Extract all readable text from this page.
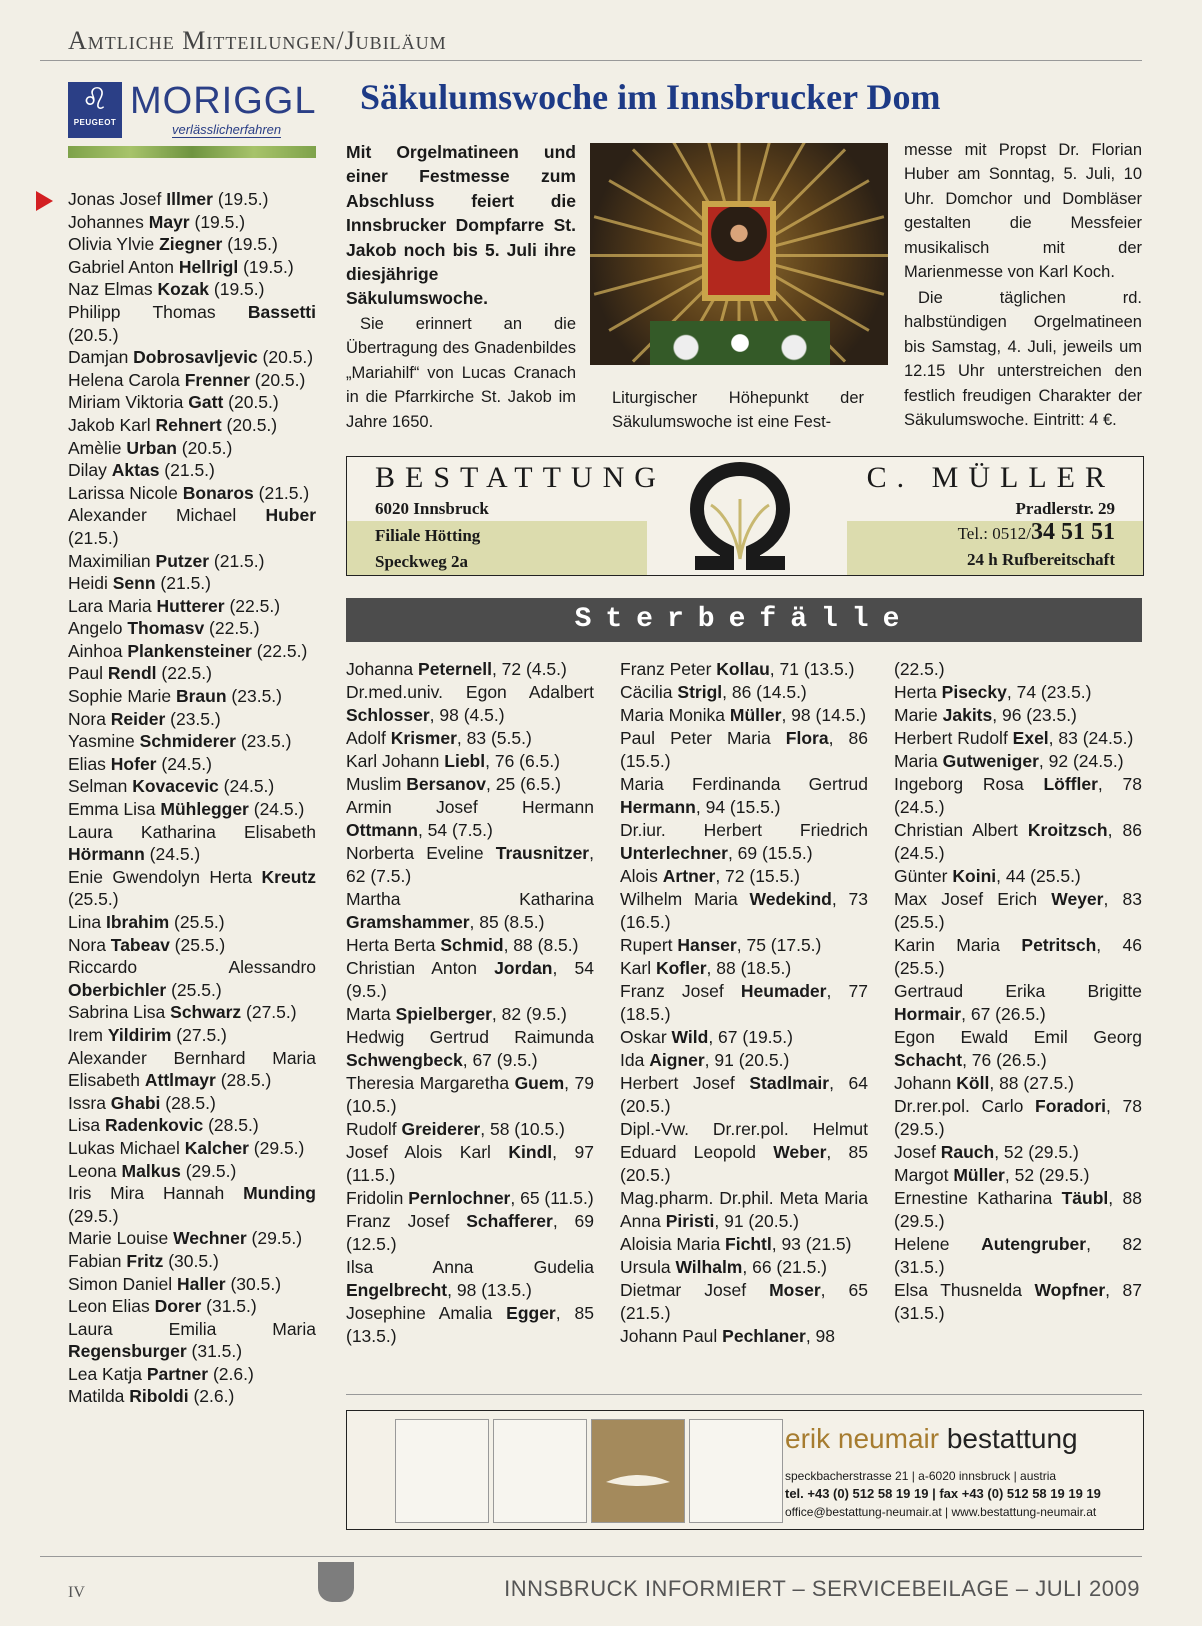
Amtliche Mitteilungen/Jubiläum
♌
PEUGEOT
MORIGGL
verlässlicherfahren
Jonas Josef Illmer (19.5.)
Johannes Mayr (19.5.)
Olivia Ylvie Ziegner (19.5.)
Gabriel Anton Hellrigl (19.5.)
Naz Elmas Kozak (19.5.)
Philipp Thomas Bassetti (20.5.)
Damjan Dobrosavljevic (20.5.)
Helena Carola Frenner (20.5.)
Miriam Viktoria Gatt (20.5.)
Jakob Karl Rehnert (20.5.)
Amèlie Urban (20.5.)
Dilay Aktas (21.5.)
Larissa Nicole Bonaros (21.5.)
Alexander Michael Huber (21.5.)
Maximilian Putzer (21.5.)
Heidi Senn (21.5.)
Lara Maria Hutterer (22.5.)
Angelo Thomasv (22.5.)
Ainhoa Plankensteiner (22.5.)
Paul Rendl (22.5.)
Sophie Marie Braun (23.5.)
Nora Reider (23.5.)
Yasmine Schmiderer (23.5.)
Elias Hofer (24.5.)
Selman Kovacevic (24.5.)
Emma Lisa Mühlegger (24.5.)
Laura Katharina Elisabeth Hörmann (24.5.)
Enie Gwendolyn Herta Kreutz (25.5.)
Lina Ibrahim (25.5.)
Nora Tabeav (25.5.)
Riccardo Alessandro Oberbichler (25.5.)
Sabrina Lisa Schwarz (27.5.)
Irem Yildirim (27.5.)
Alexander Bernhard Maria Elisabeth Attlmayr (28.5.)
Issra Ghabi (28.5.)
Lisa Radenkovic (28.5.)
Lukas Michael Kalcher (29.5.)
Leona Malkus (29.5.)
Iris Mira Hannah Munding (29.5.)
Marie Louise Wechner (29.5.)
Fabian Fritz (30.5.)
Simon Daniel Haller (30.5.)
Leon Elias Dorer (31.5.)
Laura Emilia Maria Regensburger (31.5.)
Lea Katja Partner (2.6.)
Matilda Riboldi (2.6.)
Säkulumswoche im Innsbrucker Dom
Mit Orgelmatineen und einer Festmesse zum Abschluss feiert die Innsbrucker Dompfarre St. Jakob noch bis 5. Juli ihre diesjährige Säkulumswoche.
Sie erinnert an die Übertragung des Gnadenbildes „Mariahilf“ von Lucas Cranach in die Pfarrkirche St. Jakob im Jahre 1650.
Liturgischer Höhepunkt der Säkulumswoche ist eine Fest-
messe mit Propst Dr. Florian Huber am Sonntag, 5. Juli, 10 Uhr. Domchor und Dombläser gestalten die Messfeier musikalisch mit der Marienmesse von Karl Koch.
Die täglichen rd. halbstündigen Orgelmatineen bis Samstag, 4. Juli, jeweils um 12.15 Uhr unterstreichen den festlich freudigen Charakter der Säkulumswoche. Eintritt: 4 €.
BESTATTUNG	C. MÜLLER
6020 Innsbruck	Pradlerstr. 29
Filiale Hötting
Speckweg 2a
Tel.: 0512/34 51 51
24 h Rufbereitschaft
Sterbefälle
Johanna Peternell, 72 (4.5.)
Dr.med.univ. Egon Adalbert Schlosser, 98 (4.5.)
Adolf Krismer, 83 (5.5.)
Karl Johann Liebl, 76 (6.5.)
Muslim Bersanov, 25 (6.5.)
Armin Josef Hermann Ottmann, 54 (7.5.)
Norberta Eveline Trausnitzer, 62 (7.5.)
Martha Katharina Gramshammer, 85 (8.5.)
Herta Berta Schmid, 88 (8.5.)
Christian Anton Jordan, 54 (9.5.)
Marta Spielberger, 82 (9.5.)
Hedwig Gertrud Raimunda Schwengbeck, 67 (9.5.)
Theresia Margaretha Guem, 79 (10.5.)
Rudolf Greiderer, 58 (10.5.)
Josef Alois Karl Kindl, 97 (11.5.)
Fridolin Pernlochner, 65 (11.5.)
Franz Josef Schafferer, 69 (12.5.)
Ilsa Anna Gudelia Engelbrecht, 98 (13.5.)
Josephine Amalia Egger, 85 (13.5.)
Franz Peter Kollau, 71 (13.5.)
Cäcilia Strigl, 86 (14.5.)
Maria Monika Müller, 98 (14.5.)
Paul Peter Maria Flora, 86 (15.5.)
Maria Ferdinanda Gertrud Hermann, 94 (15.5.)
Dr.iur. Herbert Friedrich Unterlechner, 69 (15.5.)
Alois Artner, 72 (15.5.)
Wilhelm Maria Wedekind, 73 (16.5.)
Rupert Hanser, 75 (17.5.)
Karl Kofler, 88 (18.5.)
Franz Josef Heumader, 77 (18.5.)
Oskar Wild, 67 (19.5.)
Ida Aigner, 91 (20.5.)
Herbert Josef Stadlmair, 64 (20.5.)
Dipl.-Vw. Dr.rer.pol. Helmut Eduard Leopold Weber, 85 (20.5.)
Mag.pharm. Dr.phil. Meta Maria Anna Piristi, 91 (20.5.)
Aloisia Maria Fichtl, 93 (21.5)
Ursula Wilhalm, 66 (21.5.)
Dietmar Josef Moser, 65 (21.5.)
Johann Paul Pechlaner, 98
(22.5.)
Herta Pisecky, 74 (23.5.)
Marie Jakits, 96 (23.5.)
Herbert Rudolf Exel, 83 (24.5.)
Maria Gutweniger, 92 (24.5.)
Ingeborg Rosa Löffler, 78 (24.5.)
Christian Albert Kroitzsch, 86 (24.5.)
Günter Koini, 44 (25.5.)
Max Josef Erich Weyer, 83 (25.5.)
Karin Maria Petritsch, 46 (25.5.)
Gertraud Erika Brigitte Hormair, 67 (26.5.)
Egon Ewald Emil Georg Schacht, 76 (26.5.)
Johann Köll, 88 (27.5.)
Dr.rer.pol. Carlo Foradori, 78 (29.5.)
Josef Rauch, 52 (29.5.)
Margot Müller, 52 (29.5.)
Ernestine Katharina Täubl, 88 (29.5.)
Helene Autengruber, 82 (31.5.)
Elsa Thusnelda Wopfner, 87 (31.5.)
erik neumair bestattung
speckbacherstrasse 21 | a-6020 innsbruck | austria
tel. +43 (0) 512 58 19 19 | fax +43 (0) 512 58 19 19 19
office@bestattung-neumair.at | www.bestattung-neumair.at
IV	INNSBRUCK INFORMIERT – SERVICEBEILAGE – JULI 2009
